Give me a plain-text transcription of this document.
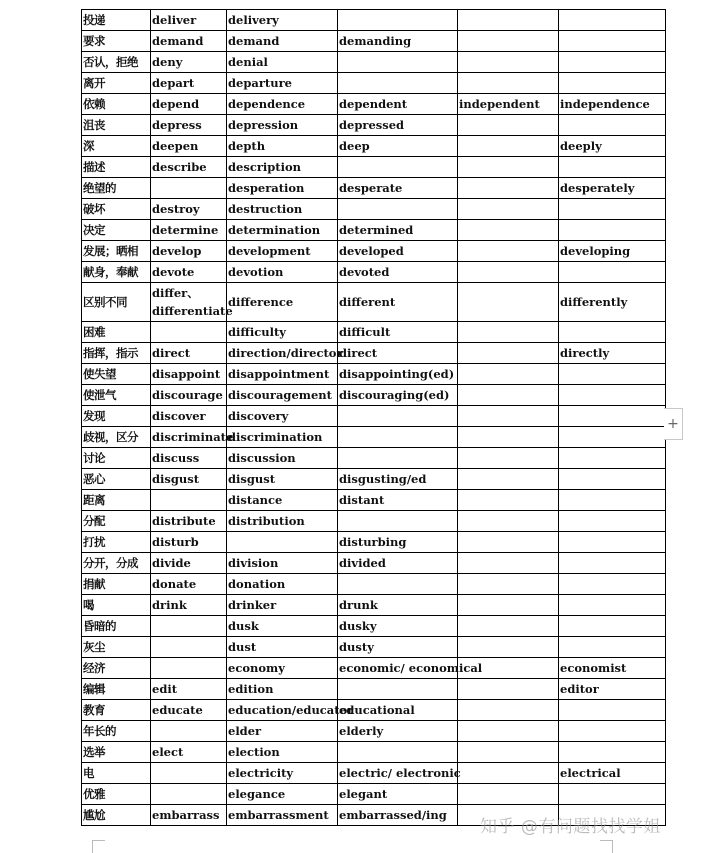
投递	deliver	delivery			
要求	demand	demand	demanding		
否认，拒绝	deny	denial			
离开	depart	departure			
依赖	depend	dependence	dependent	independent	independence
沮丧	depress	depression	depressed		
深	deepen	depth	deep		deeply
描述	describe	description			
绝望的		desperation	desperate		desperately
破坏	destroy	destruction			
决定	determine	determination	determined		
发展；晒相	develop	development	developed		developing
献身，奉献	devote	devotion	devoted		
区别不同	differ、differentiate	difference	different		differently
困难		difficulty	difficult		
指挥，指示	direct	direction/director	direct		directly
使失望	disappoint	disappointment	disappointing(ed)		
使泄气	discourage	discouragement	discouraging(ed)		
发现	discover	discovery			
歧视，区分	discriminate	discrimination			
讨论	discuss	discussion			
恶心	disgust	disgust	disgusting/ed		
距离		distance	distant		
分配	distribute	distribution			
打扰	disturb		disturbing		
分开，分成	divide	division	divided		
捐献	donate	donation			
喝	drink	drinker	drunk		
昏暗的		dusk	dusky		
灰尘		dust	dusty		
经济		economy	economic/ economical		economist
编辑	edit	edition			editor
教育	educate	education/educator	educational		
年长的		elder	elderly		
选举	elect	election			
电		electricity	electric/ electronic		electrical
优雅		elegance	elegant		
尴尬	embarrass	embarrassment	embarrassed/ing		
+
知乎 @有问题找找学姐
